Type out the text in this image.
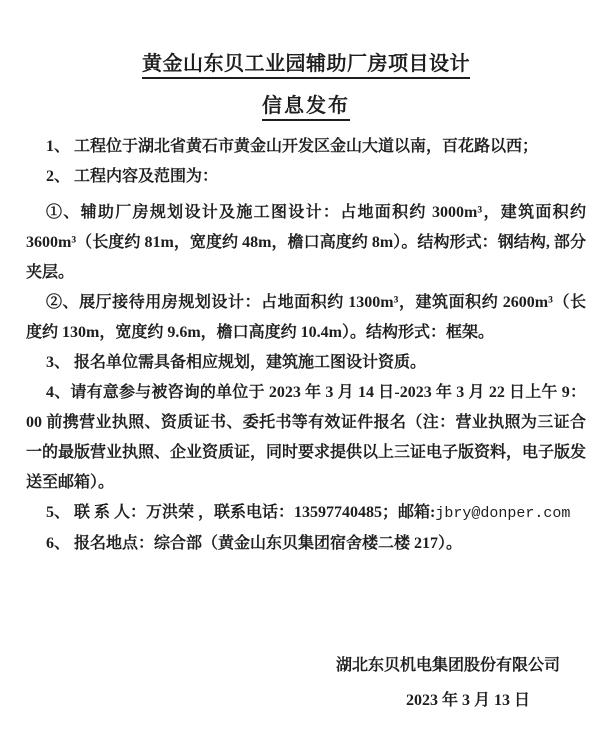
黄金山东贝工业园辅助厂房项目设计
信息发布

1、 工程位于湖北省黄石市黄金山开发区金山大道以南，百花路以西；

2、 工程内容及范围为：

①、辅助厂房规划设计及施工图设计：占地面积约 3000m³，建筑面积约 3600m³（长度约 81m，宽度约 48m，檐口高度约 8m）。结构形式：钢结构, 部分夹层。

②、展厅接待用房规划设计：占地面积约 1300m³，建筑面积约 2600m³（长度约 130m，宽度约 9.6m，檐口高度约 10.4m）。结构形式：框架。

3、 报名单位需具备相应规划，建筑施工图设计资质。

4、请有意参与被咨询的单位于 2023 年 3 月 14 日-2023 年 3 月 22 日上午 9：00 前携营业执照、资质证书、委托书等有效证件报名（注：营业执照为三证合一的最版营业执照、企业资质证，同时要求提供以上三证电子版资料，电子版发送至邮箱）。

5、 联 系 人：万洪荣 ，联系电话：13597740485；邮箱:jbry@donper.com

6、 报名地点：综合部（黄金山东贝集团宿舍楼二楼 217）。

湖北东贝机电集团股份有限公司
2023 年 3 月 13 日
